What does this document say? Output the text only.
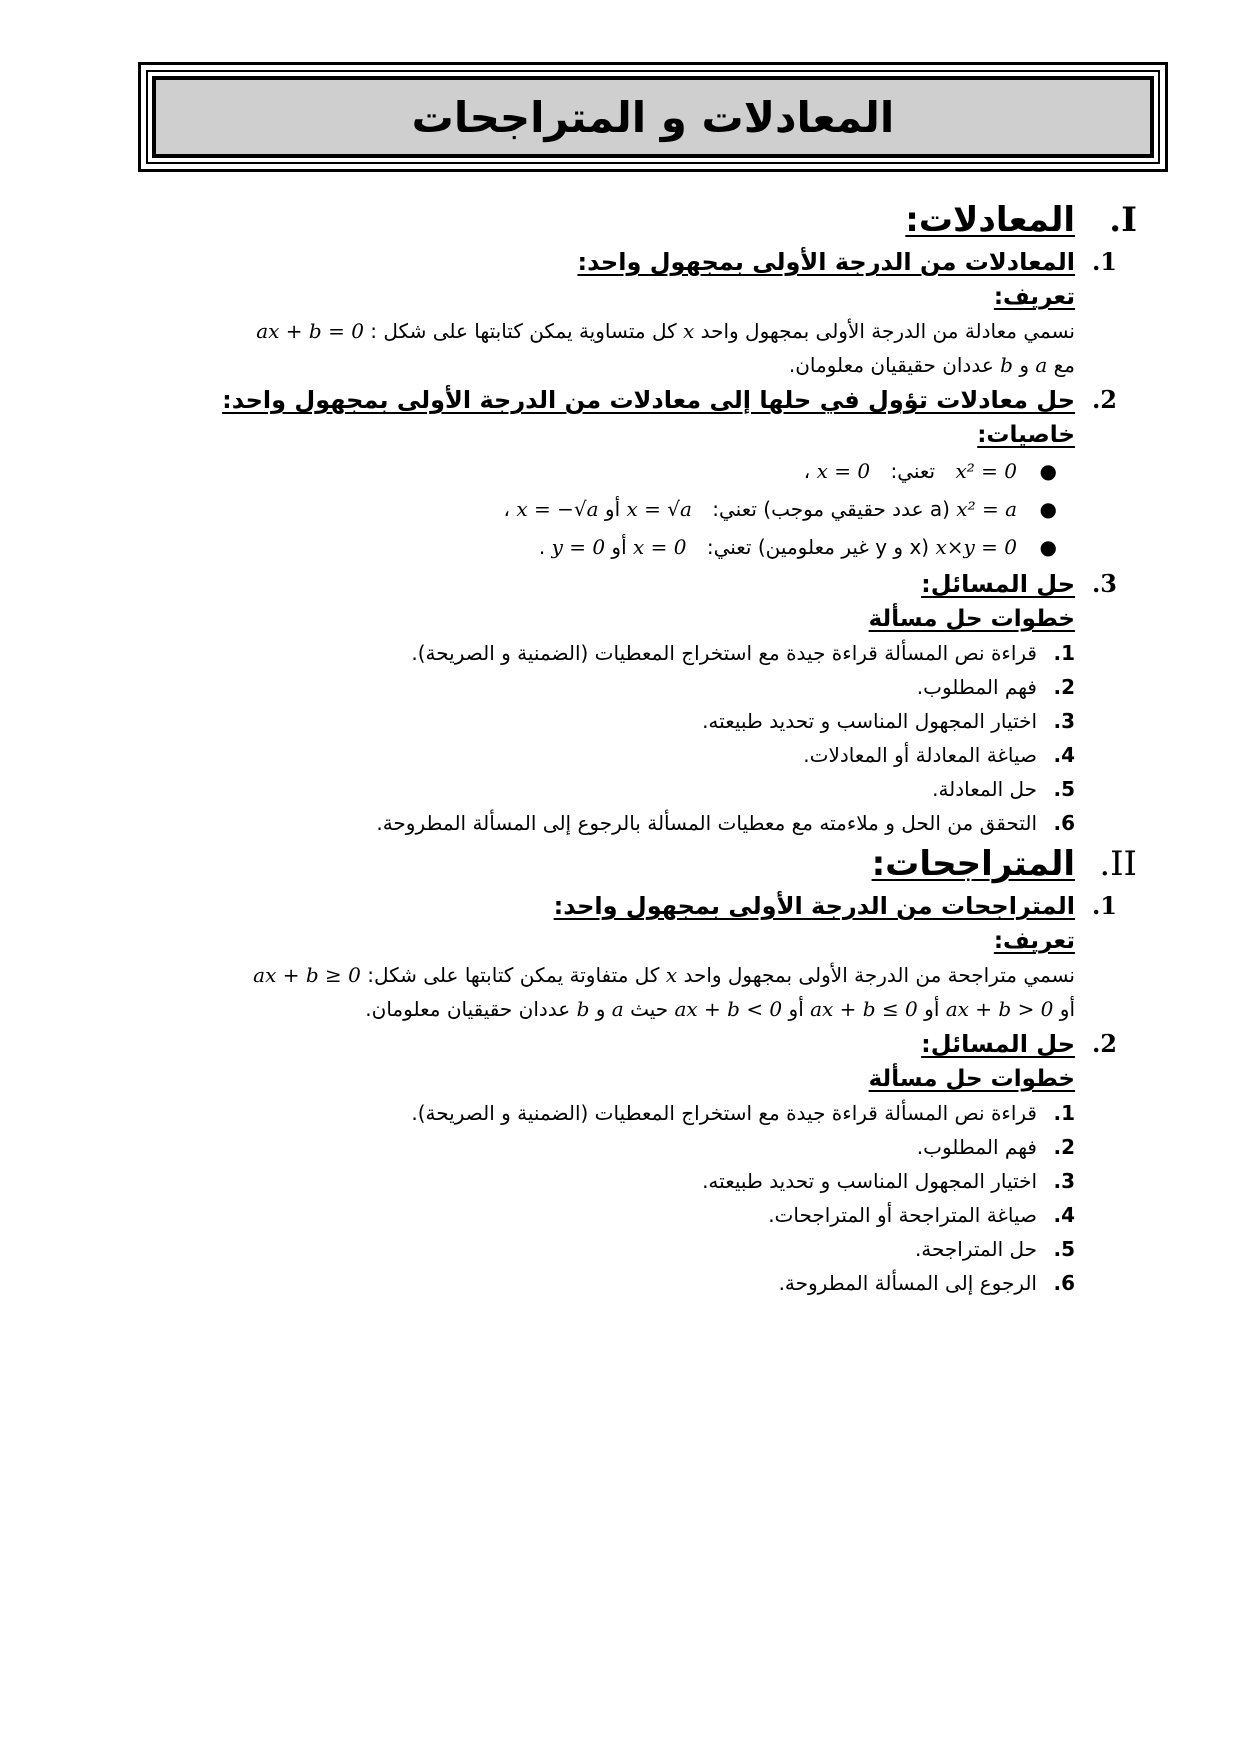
المعادلات و المتراجحات
I.
المعادلات:
1.
المعادلات من الدرجة الأولى بمجهول واحد:
تعريف:
نسمي معادلة من الدرجة الأولى بمجهول واحد x كل متساوية يمكن كتابتها على شكل : ax + b = 0
مع a و b عددان حقيقيان معلومان.
2.
حل معادلات تؤول في حلها إلى معادلات من الدرجة الأولى بمجهول واحد:
خاصيات:
●
x² = 0 تعني: x = 0 ،
●
x² = a (a عدد حقيقي موجب) تعني: x = √a أو x = −√a ،
●
x×y = 0 (x و y غير معلومين) تعني: x = 0 أو y = 0 .
3.
حل المسائل:
خطوات حل مسألة
1.
قراءة نص المسألة قراءة جيدة مع استخراج المعطيات (الضمنية و الصريحة).
2.
فهم المطلوب.
3.
اختيار المجهول المناسب و تحديد طبيعته.
4.
صياغة المعادلة أو المعادلات.
5.
حل المعادلة.
6.
التحقق من الحل و ملاءمته مع معطيات المسألة بالرجوع إلى المسألة المطروحة.
II.
المتراجحات:
1.
المتراجحات من الدرجة الأولى بمجهول واحد:
تعريف:
نسمي متراجحة من الدرجة الأولى بمجهول واحد x كل متفاوتة يمكن كتابتها على شكل: ax + b ≥ 0
أو ax + b > 0 أو ax + b ≤ 0 أو ax + b < 0 حيث a و b عددان حقيقيان معلومان.
2.
حل المسائل:
خطوات حل مسألة
1.
قراءة نص المسألة قراءة جيدة مع استخراج المعطيات (الضمنية و الصريحة).
2.
فهم المطلوب.
3.
اختيار المجهول المناسب و تحديد طبيعته.
4.
صياغة المتراجحة أو المتراجحات.
5.
حل المتراجحة.
6.
الرجوع إلى المسألة المطروحة.
